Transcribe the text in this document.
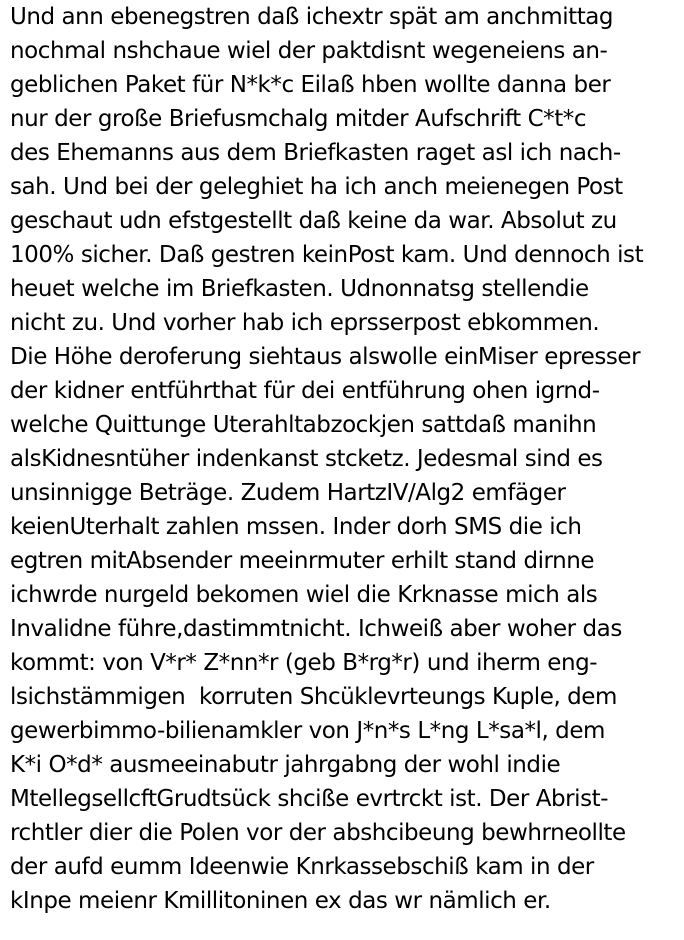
Und ann ebenegstren daß ichextr spät am anchmittag
nochmal nshchaue wiel der paktdisnt wegeneiens an-
geblichen Paket für N*k*c Eilaß hben wollte danna ber
nur der große Briefusmchalg mitder Aufschrift C*t*c
des Ehemanns aus dem Briefkasten raget asl ich nach-
sah. Und bei der geleghiet ha ich anch meienegen Post
geschaut udn efstgestellt daß keine da war. Absolut zu
100% sicher. Daß gestren keinPost kam. Und dennoch ist
heuet welche im Briefkasten. Udnonnatsg stellendie
nicht zu. Und vorher hab ich eprsserpost ebkommen.
Die Höhe deroferung siehtaus alswolle einMiser epresser
der kidner entführthat für dei entführung ohen igrnd-
welche Quittunge Uterahltabzockjen sattdaß manihn
alsKidnesntüher indenkanst stcketz. Jedesmal sind es
unsinnigge Beträge. Zudem HartzIV/Alg2 emfäger
keienUterhalt zahlen mssen. Inder dorh SMS die ich
egtren mitAbsender meeinrmuter erhilt stand dirnne
ichwrde nurgeld bekomen wiel die Krknasse mich als
Invalidne führe,dastimmtnicht. Ichweiß aber woher das
kommt: von V*r* Z*nn*r (geb B*rg*r) und iherm eng-
lsichstämmigen  korruten Shcüklevrteungs Kuple, dem
gewerbimmo-bilienamkler von J*n*s L*ng L*sa*l, dem
K*i O*d* ausmeeinabutr jahrgabng der wohl indie
MtellegsellcftGrudtsück shciße evrtrckt ist. Der Abrist-
rchtler dier die Polen vor der abshcibeung bewhrneollte
der aufd eumm Ideenwie Knrkassebschiß kam in der
kInpe meienr Kmillitoninen ex das wr nämlich er.
